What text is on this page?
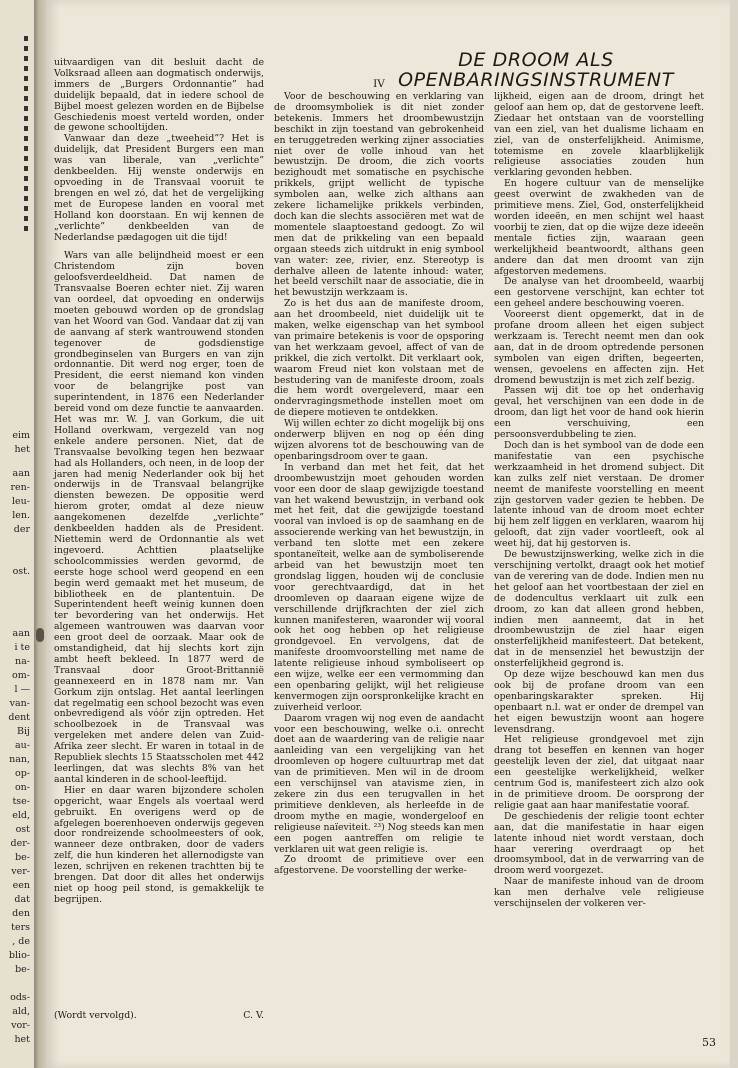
eim
het
aan
ren-
leu-
len.
der
ost.
aan
i te
na-
om-
l —
van-
dent
Bij
au-
nan,
op-
on-
tse-
eld,
ost
der-
be-
ver-
een
dat
den
ters
, de
blio-
be-
ods-
ald,
vor-
het

uitvaardigen van dit besluit dacht de Volksraad alleen aan dogmatisch onderwijs, immers de „Burgers Ordonnantie” had duidelijk bepaald, dat in iedere school de Bijbel moest gelezen worden en de Bijbelse Geschiedenis moest verteld worden, onder de gewone schooltijden.

Vanwaar dan deze „tweeheid”? Het is duidelijk, dat President Burgers een man was van liberale, van „verlichte” denkbeelden. Hij wenste onderwijs en opvoeding in de Transvaal vooruit te brengen en wel zó, dat het de vergelijking met de Europese landen en vooral met Holland kon doorstaan. En wij kennen de „verlichte” denkbeelden van de Nederlandse pædagogen uit die tijd!

Wars van alle belijndheid moest er een Christendom zijn boven geloofsverdeeldheid. Dat namen de Transvaalse Boeren echter niet. Zij waren van oordeel, dat opvoeding en onderwijs moeten gebouwd worden op de grondslag van het Woord van God. Vandaar dat zij van de aanvang af sterk wantrouwend stonden tegenover de godsdienstige grondbeginselen van Burgers en van zijn ordonnantie. Dit werd nog erger, toen de President, die eerst niemand kon vinden voor de belangrijke post van superintendent, in 1876 een Nederlander bereid vond om deze functie te aanvaarden. Het was mr. W. J. van Gorkum, die uit Holland overkwam, vergezeld van nog enkele andere personen. Niet, dat de Transvaalse bevolking tegen hen bezwaar had als Hollanders, och neen, in de loop der jaren had menig Nederlander ook bij het onderwijs in de Transvaal belangrijke diensten bewezen. De oppositie werd hierom groter, omdat al deze nieuw aangekomenen dezelfde „verlichte” denkbeelden hadden als de President. Niettemin werd de Ordonnantie als wet ingevoerd. Achttien plaatselijke schoolcommissies werden gevormd, de eerste hoge school werd geopend en een begin werd gemaakt met het museum, de bibliotheek en de plantentuin. De Superintendent heeft weinig kunnen doen ter bevordering van het onderwijs. Het algemeen wantrouwen was daarvan voor een groot deel de oorzaak. Maar ook de omstandigheid, dat hij slechts kort zijn ambt heeft bekleed. In 1877 werd de Transvaal door Groot-Brittannië geannexeerd en in 1878 nam mr. Van Gorkum zijn ontslag. Het aantal leerlingen dat regelmatig een school bezocht was even onbevredigend als vóór zijn optreden. Het schoolbezoek in de Transvaal was vergeleken met andere delen van Zuid-Afrika zeer slecht. Er waren in totaal in de Republiek slechts 15 Staatsscholen met 442 leerlingen, dat was slechts 8% van het aantal kinderen in de school-leeftijd.

Hier en daar waren bijzondere scholen opgericht, waar Engels als voertaal werd gebruikt. En overigens werd op de afgelegen boerenhoeven onderwijs gegeven door rondreizende schoolmeesters of ook, wanneer deze ontbraken, door de vaders zelf, die hun kinderen het allernodigste van lezen, schrijven en rekenen trachtten bij te brengen. Dat door dit alles het onderwijs niet op hoog peil stond, is gemakkelijk te begrijpen.

(Wordt vervolgd).	C. V.
DE DROOM ALS
OPENBARINGSINSTRUMENT
IV

Voor de beschouwing en verklaring van de droomsymboliek is dit niet zonder betekenis. Immers het droombewustzijn beschikt in zijn toestand van gebrokenheid en teruggetreden werking zijner associaties niet over de volle inhoud van het bewustzijn. De droom, die zich voorts bezighoudt met somatische en psychische prikkels, grijpt wellicht de typische symbolen aan, welke zich althans aan zekere lichamelijke prikkels verbinden, doch kan die slechts associëren met wat de momentele slaaptoestand gedoogt. Zo wil men dat de prikkeling van een bepaald orgaan steeds zich uitdrukt in enig symbool van water: zee, rivier, enz. Stereotyp is derhalve alleen de latente inhoud: water, het beeld verschilt naar de associatie, die in het bewustzijn werkzaam is.

Zo is het dus aan de manifeste droom, aan het droombeeld, niet duidelijk uit te maken, welke eigenschap van het symbool van primaire betekenis is voor de opsporing van het werkzaam gevoel, affect of van de prikkel, die zich vertolkt. Dit verklaart ook, waarom Freud niet kon volstaan met de bestudering van de manifeste droom, zoals die hem wordt overgeleverd, maar een ondervragingsmethode instellen moet om de diepere motieven te ontdekken.

Wij willen echter zo dicht mogelijk bij ons onderwerp blijven en nog op één ding wijzen alvorens tot de beschouwing van de openbaringsdroom over te gaan.

In verband dan met het feit, dat het droombewustzijn moet gehouden worden voor een door de slaap gewijzigde toestand van het wakend bewustzijn, in verband ook met het feit, dat die gewijzigde toestand vooral van invloed is op de saamhang en de associerende werking van het bewustzijn, in verband ten slotte met een zekere spontaneïteit, welke aan de symboliserende arbeid van het bewustzijn moet ten grondslag liggen, houden wij de conclusie voor gerechtvaardigd, dat in het droomleven op daaraan eigene wijze de verschillende drijfkrachten der ziel zich kunnen manifesteren, waaronder wij vooral ook het oog hebben op het religieuse grondgevoel. En vervolgens, dat de manifeste droomvoorstelling met name de latente religieuse inhoud symboliseert op een wijze, welke eer een vermomming dan een openbaring gelijkt, wijl het religieuse kenvermogen zijn oorspronkelijke kracht en zuiverheid verloor.

Daarom vragen wij nog even de aandacht voor een beschouwing, welke o.i. onrecht doet aan de waardering van de religie naar aanleiding van een vergelijking van het droomleven op hogere cultuurtrap met dat van de primitieven. Men wil in de droom een verschijnsel van atavisme zien, in zekere zin dus een terugvallen in het primitieve denkleven, als herleefde in de droom mythe en magie, wondergeloof en religieuse naïeviteit. ²³) Nog steeds kan men een pogen aantreffen om religie te verklaren uit wat geen religie is.

Zo droomt de primitieve over een afgestorvene. De voorstelling der werke-

lijkheid, eigen aan de droom, dringt het geloof aan hem op, dat de gestorvene leeft. Ziedaar het ontstaan van de voorstelling van een ziel, van het dualisme lichaam en ziel, van de onsterfelijkheid. Animisme, totemisme en zovele klaarblijkelijk religieuse associaties zouden hun verklaring gevonden hebben.

En hogere cultuur van de menselijke geest overwint de zwakheden van de primitieve mens. Ziel, God, onsterfelijkheid worden ideeën, en men schijnt wel haast voorbij te zien, dat op die wijze deze ideeën mentale ficties zijn, waaraan geen werkelijkheid beantwoordt, althans geen andere dan dat men droomt van zijn afgestorven medemens.

De analyse van het droombeeld, waarbij een gestorvene verschijnt, kan echter tot een geheel andere beschouwing voeren.

Vooreerst dient opgemerkt, dat in de profane droom alleen het eigen subject werkzaam is. Terecht neemt men dan ook aan, dat in de droom optredende personen symbolen van eigen driften, begeerten, wensen, gevoelens en affecten zijn. Het dromend bewustzijn is met zich zelf bezig.

Passen wij dit toe op het onderhavig geval, het verschijnen van een dode in de droom, dan ligt het voor de hand ook hierin een verschuiving, een persoonsverdubbeling te zien.

Doch dan is het symbool van de dode een manifestatie van een psychische werkzaamheid in het dromend subject. Dit kan zulks zelf niet verstaan. De dromer neemt de manifeste voorstelling en meent zijn gestorven vader gezien te hebben. De latente inhoud van de droom moet echter bij hem zelf liggen en verklaren, waarom hij gelooft, dat zijn vader voortleeft, ook al weet hij, dat hij gestorven is.

De bewustzijnswerking, welke zich in die verschijning vertolkt, draagt ook het motief van de verering van de dode. Indien men nu het geloof aan het voortbestaan der ziel en de dodencultus verklaart uit zulk een droom, zo kan dat alleen grond hebben, indien men aanneemt, dat in het droombewustzijn de ziel haar eigen onsterfelijkheid manifesteert. Dat betekent, dat in de mensenziel het bewustzijn der onsterfelijkheid gegrond is.

Op deze wijze beschouwd kan men dus ook bij de profane droom van een openbaringskarakter spreken. Hij openbaart n.l. wat er onder de drempel van het eigen bewustzijn woont aan hogere levensdrang.

Het religieuse grondgevoel met zijn drang tot beseffen en kennen van hoger geestelijk leven der ziel, dat uitgaat naar een geestelijke werkelijkheid, welker centrum God is, manifesteert zich alzo ook in de primitieve droom. De oorsprong der religie gaat aan haar manifestatie vooraf.

De geschiedenis der religie toont echter aan, dat die manifestatie in haar eigen latente inhoud niet wordt verstaan, doch haar verering overdraagt op het droomsymbool, dat in de verwarring van de droom werd voorgezet.

Naar de manifeste inhoud van de droom kan men derhalve vele religieuse verschijnselen der volkeren ver-

53
